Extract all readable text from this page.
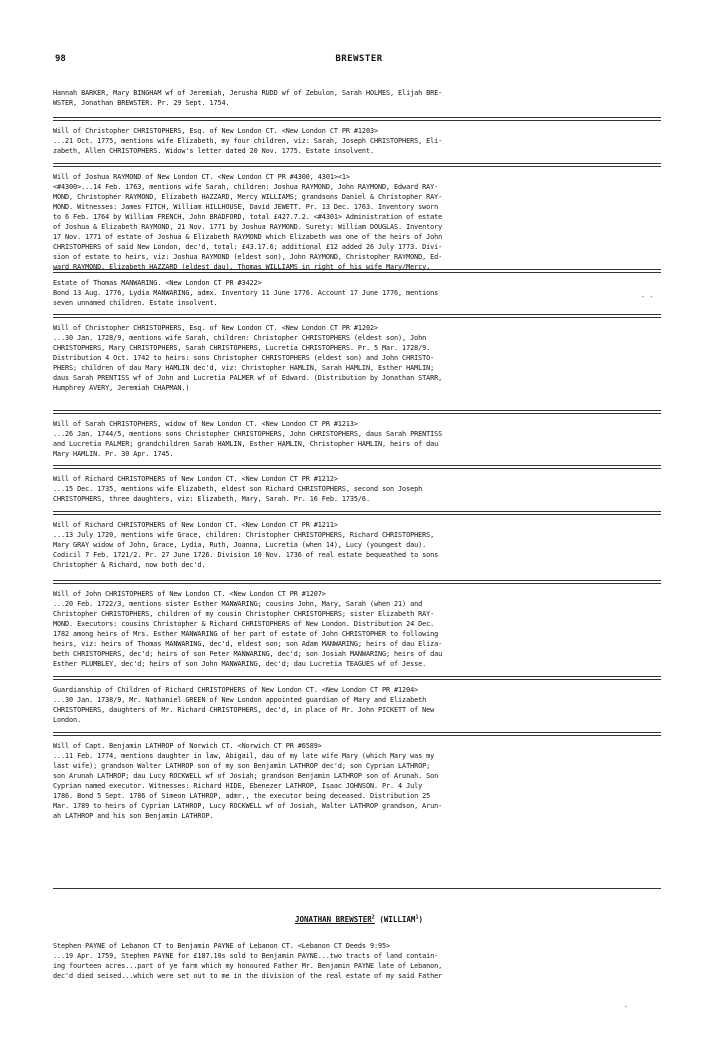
98	BREWSTER

Hannah BARKER, Mary BINGHAM wf of Jeremiah, Jerusha RUDD wf of Zebulon, Sarah HOLMES, Elijah BRE-

WSTER, Jonathan BREWSTER. Pr. 29 Sept. 1754.

Will of Christopher CHRISTOPHERS, Esq. of New London CT. <New London CT PR #1203>

...21 Oct. 1775, mentions wife Elizabeth, my four children, viz: Sarah, Joseph CHRISTOPHERS, Eli-

zabeth, Allen CHRISTOPHERS. Widow's letter dated 20 Nov. 1775. Estate insolvent.

Will of Joshua RAYMOND of New London CT. <New London CT PR #4300, 4301><1>

<#4300>...14 Feb. 1763, mentions wife Sarah, children: Joshua RAYMOND, John RAYMOND, Edward RAY-

MOND, Christopher RAYMOND, Elizabeth HAZZARD, Mercy WILLIAMS; grandsons Daniel & Christopher RAY-

MOND. Witnesses: James FITCH, William HILLHOUSE, David JEWETT. Pr. 13 Dec. 1763. Inventory sworn

to 6 Feb. 1764 by William FRENCH, John BRADFORD, total £427.7.2. <#4301> Administration of estate

of Joshua & Elizabeth RAYMOND, 21 Nov. 1771 by Joshua RAYMOND. Surety: William DOUGLAS. Inventory

17 Nov. 1771 of estate of Joshua & Elizabeth RAYMOND which Elizabeth was one of the heirs of John

CHRISTOPHERS of said New London, dec'd, total: £43.17.6; additional £12 added 26 July 1773. Divi-

sion of estate to heirs, viz: Joshua RAYMOND (eldest son), John RAYMOND, Christopher RAYMOND, Ed-

ward RAYMOND, Elizabeth HAZZARD (eldest dau), Thomas WILLIAMS in right of his wife Mary/Mercy.

Estate of Thomas MANWARING. <New London CT PR #3422>

Bond 13 Aug. 1776, Lydia MANWARING, admx. Inventory 11 June 1776. Account 17 June 1776, mentions

seven unnamed children. Estate insolvent.

Will of Christopher CHRISTOPHERS, Esq. of New London CT. <New London CT PR #1202>

...30 Jan. 1728/9, mentions wife Sarah, children: Christopher CHRISTOPHERS (eldest son), John

CHRISTOPHERS, Mary CHRISTOPHERS, Sarah CHRISTOPHERS, Lucretia CHRISTOPHERS. Pr. 5 Mar. 1728/9.

Distribution 4 Oct. 1742 to heirs: sons Christopher CHRISTOPHERS (eldest son) and John CHRISTO-

PHERS; children of dau Mary HAMLIN dec'd, viz: Christopher HAMLIN, Sarah HAMLIN, Esther HAMLIN;

daus Sarah PRENTISS wf of John and Lucretia PALMER wf of Edward. (Distribution by Jonathan STARR,

Humphrey AVERY, Jeremiah CHAPMAN.)

Will of Sarah CHRISTOPHERS, widow of New London CT. <New London CT PR #1213>

...26 Jan. 1744/5, mentions sons Christopher CHRISTOPHERS, John CHRISTOPHERS, daus Sarah PRENTISS

and Lucretia PALMER; grandchildren Sarah HAMLIN, Esther HAMLIN, Christopher HAMLIN, heirs of dau

Mary HAMLIN. Pr. 30 Apr. 1745.

Will of Richard CHRISTOPHERS of New London CT. <New London CT PR #1212>

...15 Dec. 1735, mentions wife Elizabeth, eldest son Richard CHRISTOPHERS, second son Joseph

CHRISTOPHERS, three daughters, viz: Elizabeth, Mary, Sarah. Pr. 16 Feb. 1735/6.

Will of Richard CHRISTOPHERS of New London CT. <New London CT PR #1211>

...13 July 1720, mentions wife Grace, children: Christopher CHRISTOPHERS, Richard CHRISTOPHERS,

Mary GRAY widow of John, Grace, Lydia, Ruth, Joanna, Lucretia (when 14), Lucy (youngest dau).

Codicil 7 Feb. 1721/2. Pr. 27 June 1726. Division 10 Nov. 1736 of real estate bequeathed to sons

Christopher & Richard, now both dec'd.

Will of John CHRISTOPHERS of New London CT. <New London CT PR #1207>

...20 Feb. 1722/3, mentions sister Esther MANWARING; cousins John, Mary, Sarah (when 21) and

Christopher CHRISTOPHERS, children of my cousin Christopher CHRISTOPHERS; sister Elizabeth RAY-

MOND. Executors: cousins Christopher & Richard CHRISTOPHERS of New London. Distribution 24 Dec.

1782 among heirs of Mrs. Esther MANWARING of her part of estate of John CHRISTOPHER to following

heirs, viz: heirs of Thomas MANWARING, dec'd, eldest son; son Adam MANWARING; heirs of dau Eliza-

beth CHRISTOPHERS, dec'd; heirs of son Peter MANWARING, dec'd; son Josiah MANWARING; heirs of dau

Esther PLUMBLEY, dec'd; heirs of son John MANWARING, dec'd; dau Lucretia TEAGUES wf of Jesse.

Guardianship of Children of Richard CHRISTOPHERS of New London CT. <New London CT PR #1204>

...30 Jan. 1738/9, Mr. Nathaniel GREEN of New London appointed guardian of Mary and Elizabeth

CHRISTOPHERS, daughters of Mr. Richard CHRISTOPHERS, dec'd, in place of Mr. John PICKETT of New

London.

Will of Capt. Benjamin LATHROP of Norwich CT. <Norwich CT PR #6589>

...11 Feb. 1774, mentions daughter in law, Abigail, dau of my late wife Mary (which Mary was my

last wife); grandson Walter LATHROP son of my son Benjamin LATHROP dec'd; son Cyprian LATHROP;

son Arunah LATHROP; dau Lucy ROCKWELL wf of Josiah; grandson Benjamin LATHROP son of Arunah. Son

Cyprian named executor. Witnesses: Richard HIDE, Ebenezer LATHROP, Isaac JOHNSON. Pr. 4 July

1786. Bond 5 Sept. 1786 of Simeon LATHROP, admr., the executor being deceased. Distribution 25

Mar. 1789 to heirs of Cyprian LATHROP, Lucy ROCKWELL wf of Josiah, Walter LATHROP grandson, Arun-

ah LATHROP and his son Benjamin LATHROP.

Stephen PAYNE of Lebanon CT to Benjamin PAYNE of Lebanon CT. <Lebanon CT Deeds 9:95>

...19 Apr. 1759, Stephen PAYNE for £187.10s sold to Benjamin PAYNE...two tracts of land contain-

ing fourteen acres...part of ye farm which my honoured Father Mr. Benjamin PAYNE late of Lebanon,

dec'd died seised...which were set out to me in the division of the real estate of my said Father

JONATHAN BREWSTER$^2$ (WILLIAM$^1$)
- -
.
